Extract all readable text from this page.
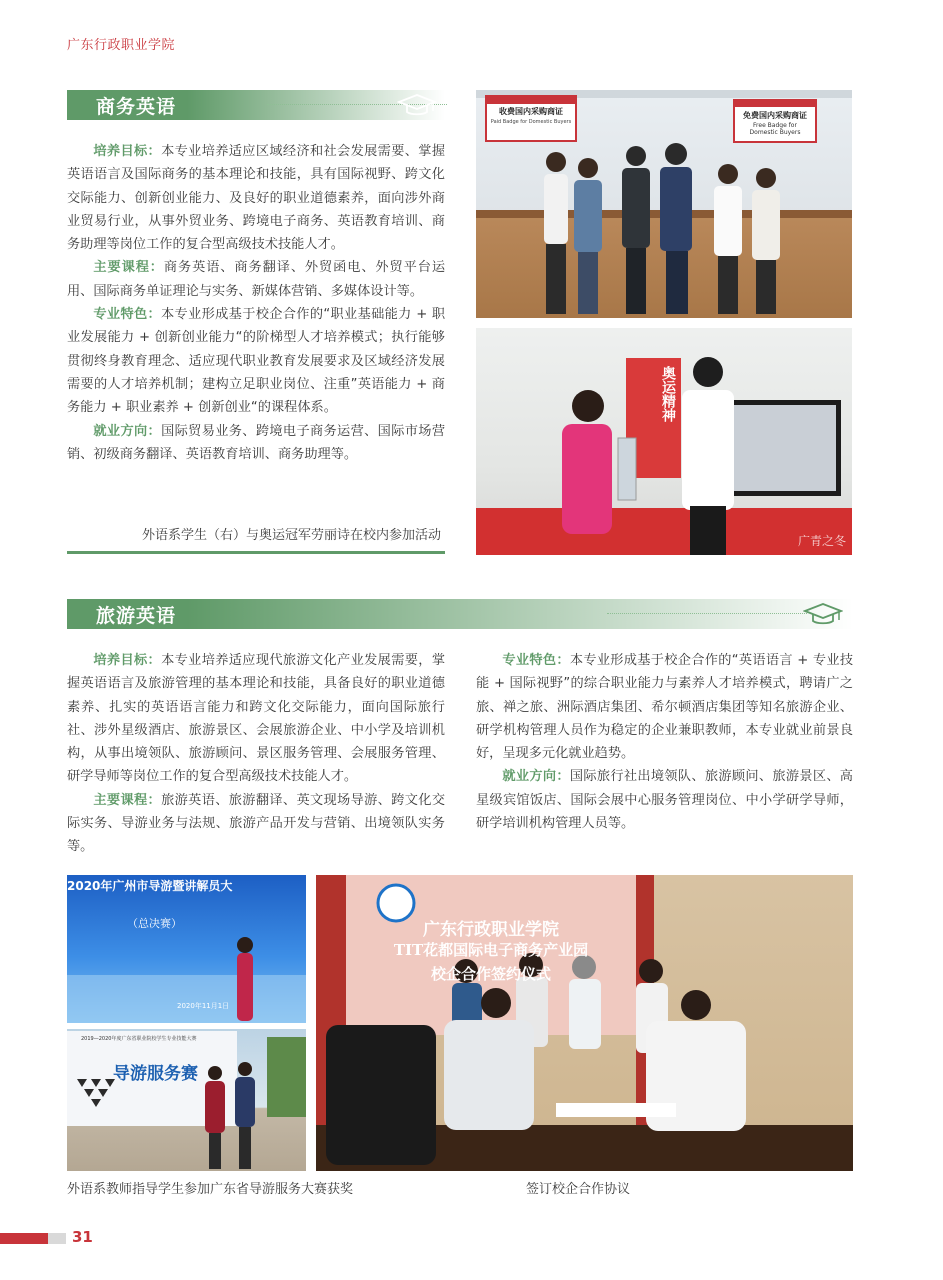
广东行政职业学院
商务英语

培养目标：本专业培养适应区域经济和社会发展需要、掌握英语语言及国际商务的基本理论和技能，具有国际视野、跨文化交际能力、创新创业能力、及良好的职业道德素养，面向涉外商业贸易行业，从事外贸业务、跨境电子商务、英语教育培训、商务助理等岗位工作的复合型高级技术技能人才。

主要课程：商务英语、商务翻译、外贸函电、外贸平台运用、国际商务单证理论与实务、新媒体营销、多媒体设计等。

专业特色：本专业形成基于校企合作的“职业基础能力 + 职业发展能力 + 创新创业能力“的阶梯型人才培养模式；执行能够贯彻终身教育理念、适应现代职业教育发展要求及区域经济发展需要的人才培养机制；建构立足职业岗位、注重”英语能力 + 商务能力 + 职业素养 + 创新创业“的课程体系。

就业方向：国际贸易业务、跨境电子商务运营、国际市场营销、初级商务翻译、英语教育培训、商务助理等。

外语系学生（右）与奥运冠军劳丽诗在校内参加活动
收费国内采购商证
Paid Badge for Domestic Buyers
免费国内采购商证
Free Badge for
Domestic Buyers
奥运精神
广青之冬
旅游英语

培养目标：本专业培养适应现代旅游文化产业发展需要，掌握英语语言及旅游管理的基本理论和技能，具备良好的职业道德素养、扎实的英语语言能力和跨文化交际能力，面向国际旅行社、涉外星级酒店、旅游景区、会展旅游企业、中小学及培训机构，从事出境领队、旅游顾问、景区服务管理、会展服务管理、研学导师等岗位工作的复合型高级技术技能人才。

主要课程：旅游英语、旅游翻译、英文现场导游、跨文化交际实务、导游业务与法规、旅游产品开发与营销、出境领队实务等。

专业特色：本专业形成基于校企合作的“英语语言 + 专业技能 + 国际视野”的综合职业能力与素养人才培养模式，聘请广之旅、禅之旅、洲际酒店集团、希尔顿酒店集团等知名旅游企业、研学机构管理人员作为稳定的企业兼职教师，本专业就业前景良好，呈现多元化就业趋势。

就业方向：国际旅行社出境领队、旅游顾问、旅游景区、高星级宾馆饭店、国际会展中心服务管理岗位、中小学研学导师，研学培训机构管理人员等。

2020年广州市导游暨讲解员大
（总决赛）
2020年11月1日
2019—2020年度广东省职业院校学生专业技能大赛
导游服务赛
广东行政职业学院
TIT花都国际电子商务产业园
校企合作签约仪式
外语系教师指导学生参加广东省导游服务大赛获奖	签订校企合作协议
31
